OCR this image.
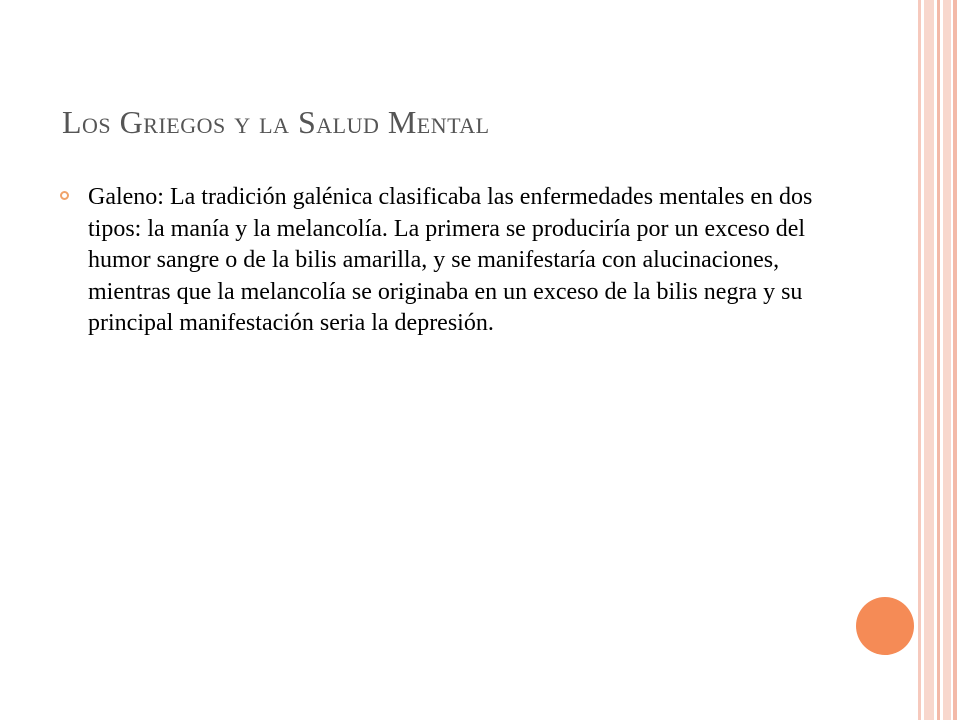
Los Griegos y la Salud Mental
Galeno: La tradición galénica clasificaba las enfermedades mentales en dos tipos: la manía y la melancolía. La primera se produciría por un exceso del humor sangre o de la bilis amarilla, y se manifestaría con alucinaciones, mientras que la melancolía se originaba en un exceso de la bilis negra y su principal manifestación seria la depresión.
